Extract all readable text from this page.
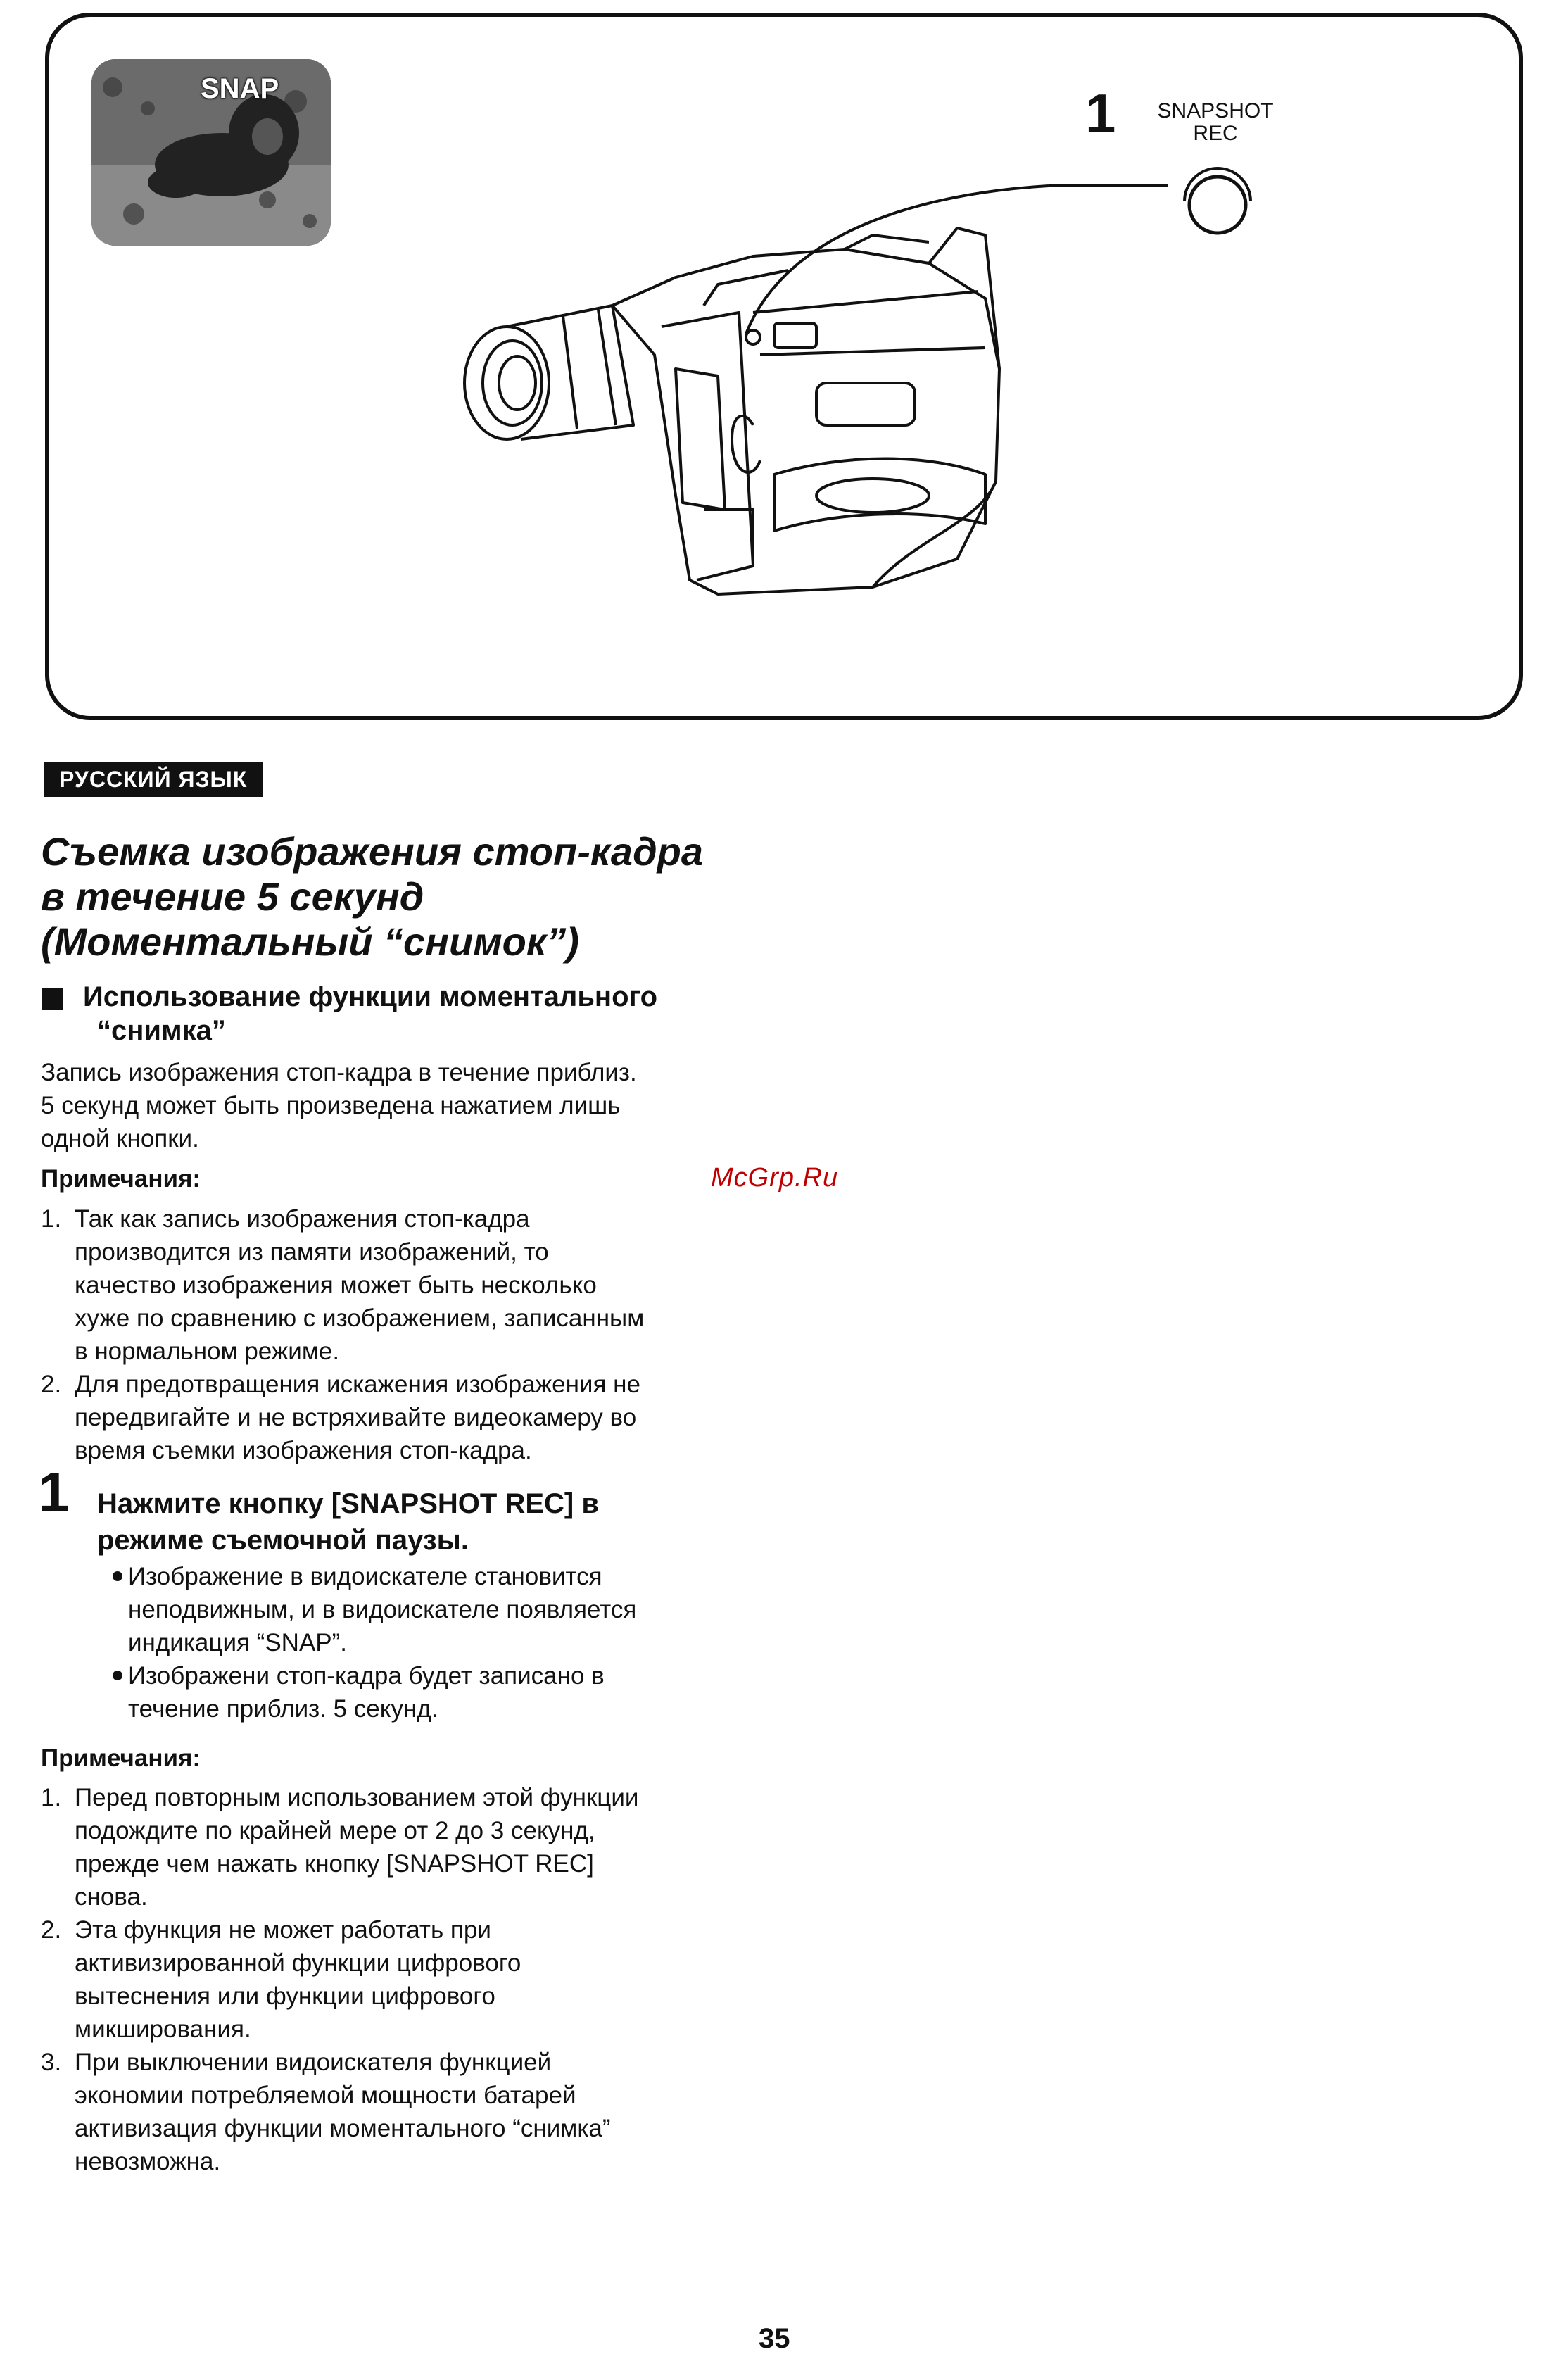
SNAP	1	SNAPSHOT
REC
РУССКИЙ ЯЗЫК
Съемка изображения стоп-кадра
в течение 5 секунд
(Моментальный “снимок”)
Использование функции моментального
“снимка”
Запись изображения стоп-кадра в течение приблиз.
5 секунд может быть произведена нажатием лишь
одной кнопки.
Примечания:
1. Так как запись изображения стоп-кадра
производится из памяти изображений, то
качество изображения может быть несколько
хуже по сравнению с изображением, записанным
в нормальном режиме.
2. Для предотвращения искажения изображения не
передвигайте и не встряхивайте видеокамеру во
время съемки изображения стоп-кадра.
McGrp.Ru
1 Нажмите кнопку [SNAPSHOT REC] в
режиме съемочной паузы.
Изображение в видоискателе становится
неподвижным, и в видоискателе появляется
индикация “SNAP”.
Изображени стоп-кадра будет записано в
течение приблиз. 5 секунд.
Примечания:
1. Перед повторным использованием этой функции
подождите по крайней мере от 2 до 3 секунд,
прежде чем нажать кнопку [SNAPSHOT REC]
снова.
2. Эта функция не может работать при
активизированной функции цифрового
вытеснения или функции цифрового
микширования.
3. При выключении видоискателя функцией
экономии потребляемой мощности батарей
активизация функции моментального “снимка”
невозможна.
35
